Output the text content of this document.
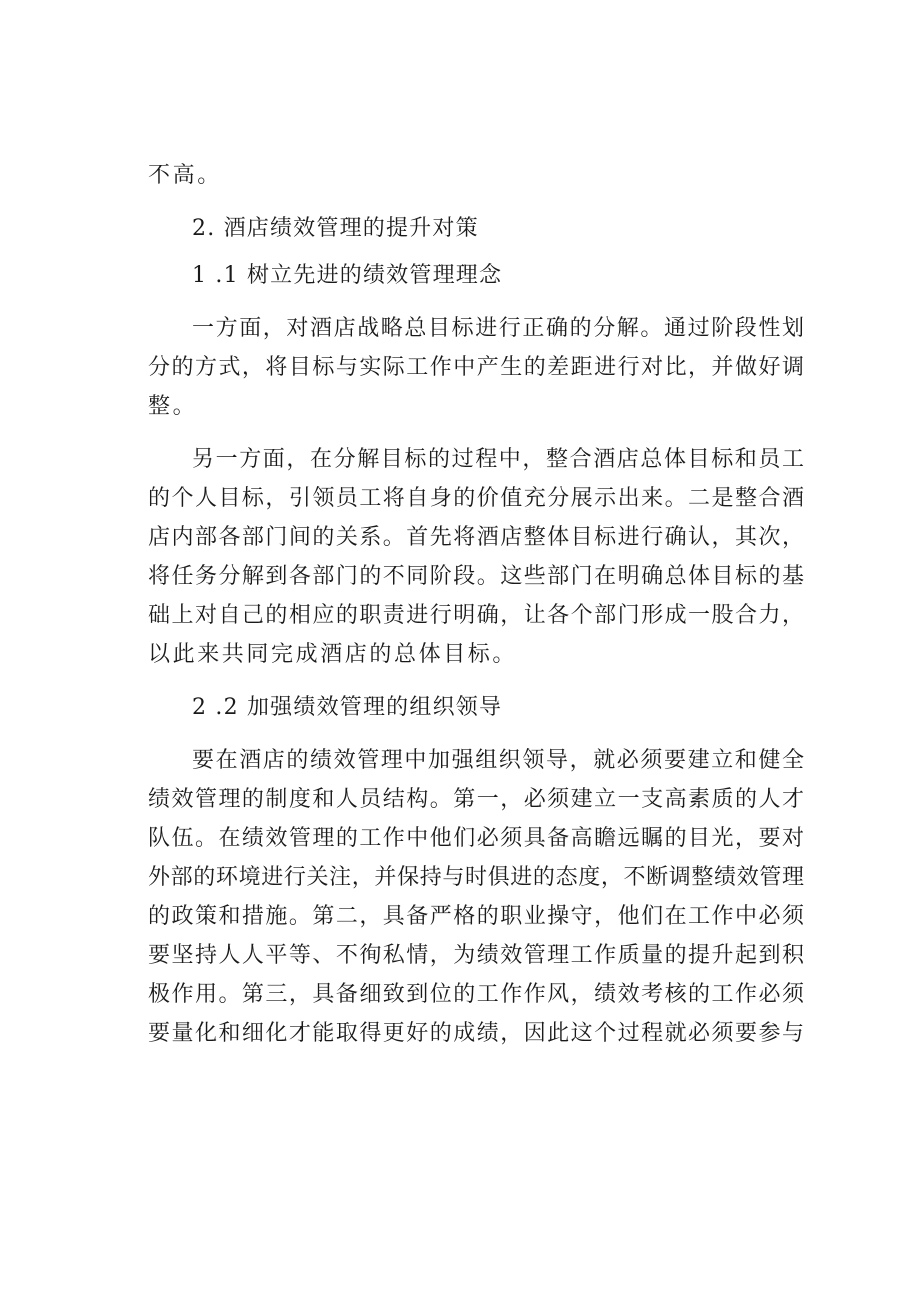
不高。
2. 酒店绩效管理的提升对策
1 .1 树立先进的绩效管理理念
一方面，对酒店战略总目标进行正确的分解。通过阶段性划
分的方式，将目标与实际工作中产生的差距进行对比，并做好调
整。
另一方面，在分解目标的过程中，整合酒店总体目标和员工
的个人目标，引领员工将自身的价值充分展示出来。二是整合酒
店内部各部门间的关系。首先将酒店整体目标进行确认，其次，
将任务分解到各部门的不同阶段。这些部门在明确总体目标的基
础上对自己的相应的职责进行明确，让各个部门形成一股合力，
以此来共同完成酒店的总体目标。
2 .2 加强绩效管理的组织领导
要在酒店的绩效管理中加强组织领导，就必须要建立和健全
绩效管理的制度和人员结构。第一，必须建立一支高素质的人才
队伍。在绩效管理的工作中他们必须具备高瞻远瞩的目光，要对
外部的环境进行关注，并保持与时俱进的态度，不断调整绩效管理
的政策和措施。第二，具备严格的职业操守，他们在工作中必须
要坚持人人平等、不徇私情，为绩效管理工作质量的提升起到积
极作用。第三，具备细致到位的工作作风，绩效考核的工作必须
要量化和细化才能取得更好的成绩，因此这个过程就必须要参与
